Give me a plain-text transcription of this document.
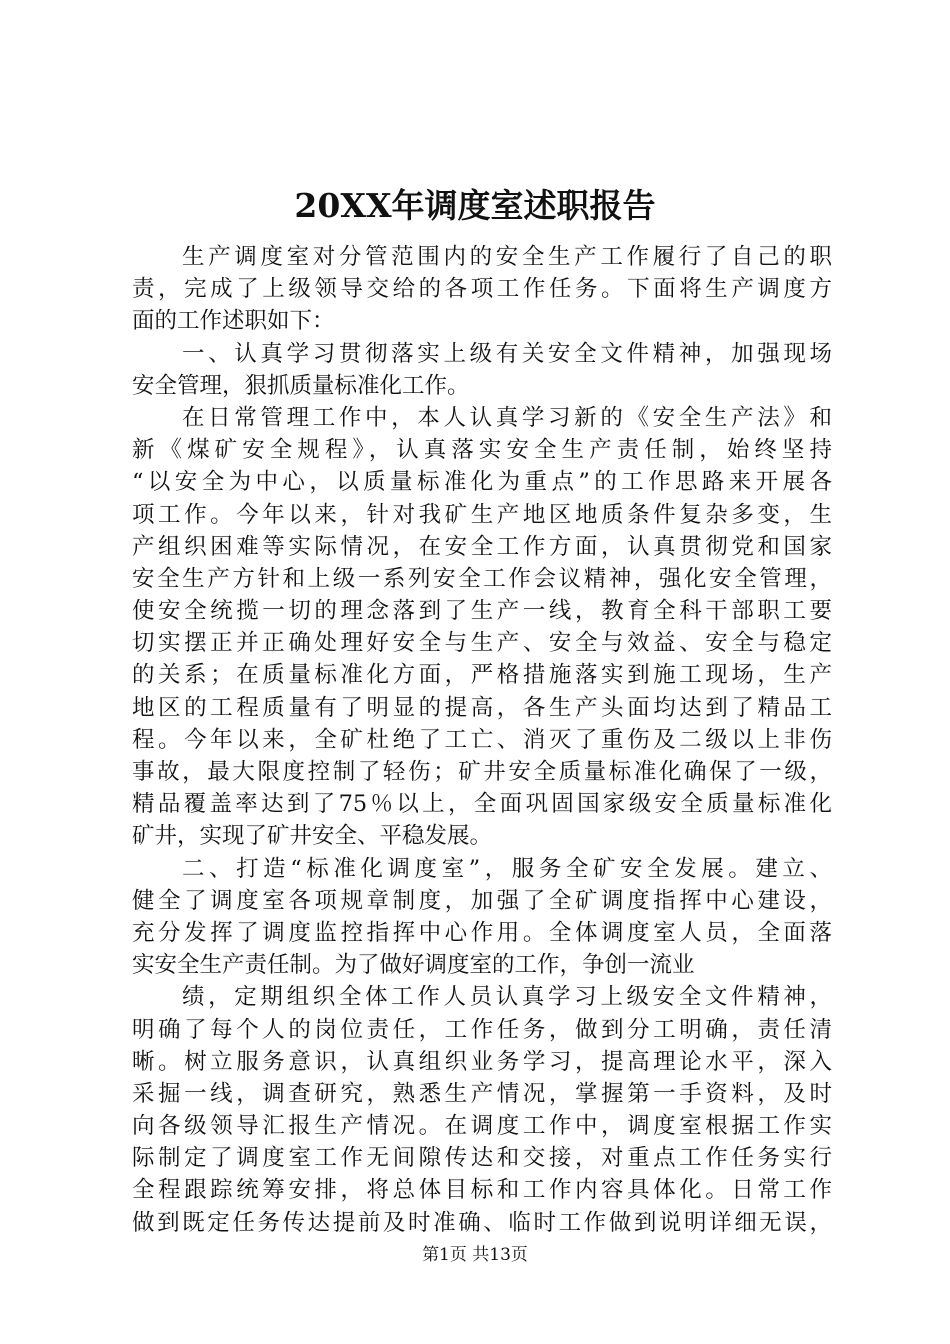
20XX年调度室述职报告
生产调度室对分管范围内的安全生产工作履行了自己的职
责，完成了上级领导交给的各项工作任务。下面将生产调度方
面的工作述职如下：
一、认真学习贯彻落实上级有关安全文件精神，加强现场
安全管理，狠抓质量标准化工作。
在日常管理工作中，本人认真学习新的《安全生产法》和
新《煤矿安全规程》，认真落实安全生产责任制，始终坚持
“以安全为中心，以质量标准化为重点”的工作思路来开展各
项工作。今年以来，针对我矿生产地区地质条件复杂多变，生
产组织困难等实际情况，在安全工作方面，认真贯彻党和国家
安全生产方针和上级一系列安全工作会议精神，强化安全管理，
使安全统揽一切的理念落到了生产一线，教育全科干部职工要
切实摆正并正确处理好安全与生产、安全与效益、安全与稳定
的关系；在质量标准化方面，严格措施落实到施工现场，生产
地区的工程质量有了明显的提高，各生产头面均达到了精品工
程。今年以来，全矿杜绝了工亡、消灭了重伤及二级以上非伤
事故，最大限度控制了轻伤；矿井安全质量标准化确保了一级，
精品覆盖率达到了75％以上，全面巩固国家级安全质量标准化
矿井，实现了矿井安全、平稳发展。
二、打造“标准化调度室”，服务全矿安全发展。建立、
健全了调度室各项规章制度，加强了全矿调度指挥中心建设，
充分发挥了调度监控指挥中心作用。全体调度室人员，全面落
实安全生产责任制。为了做好调度室的工作，争创一流业
绩，定期组织全体工作人员认真学习上级安全文件精神，
明确了每个人的岗位责任，工作任务，做到分工明确，责任清
晰。树立服务意识，认真组织业务学习，提高理论水平，深入
采掘一线，调查研究，熟悉生产情况，掌握第一手资料，及时
向各级领导汇报生产情况。在调度工作中，调度室根据工作实
际制定了调度室工作无间隙传达和交接，对重点工作任务实行
全程跟踪统筹安排，将总体目标和工作内容具体化。日常工作
做到既定任务传达提前及时准确、临时工作做到说明详细无误，
第1页 共13页
